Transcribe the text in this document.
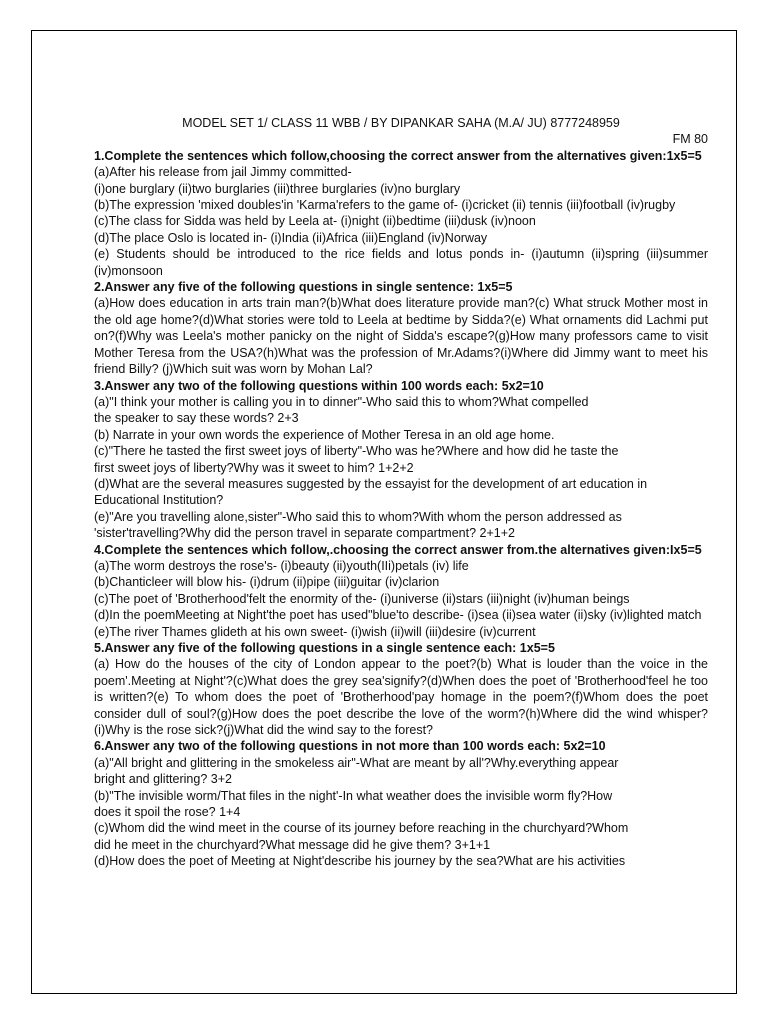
MODEL SET 1/ CLASS 11 WBB / BY DIPANKAR SAHA (M.A/ JU) 8777248959

FM 80

1.Complete the sentences which follow,choosing the correct answer from the alternatives given:1x5=5

(a)After his release from jail Jimmy committed-

(i)one burglary (ii)two burglaries (iii)three burglaries (iv)no burglary

(b)The expression 'mixed doubles'in 'Karma'refers to the game of- (i)cricket (ii) tennis (iii)football (iv)rugby

(c)The class for Sidda was held by Leela at- (i)night (ii)bedtime (iii)dusk (iv)noon

(d)The place Oslo is located in- (i)India (ii)Africa (iii)England (iv)Norway

(e) Students should be introduced to the rice fields and lotus ponds in- (i)autumn (ii)spring (iii)summer (iv)monsoon

2.Answer any five of the following questions in single sentence: 1x5=5

(a)How does education in arts train man?(b)What does literature provide man?(c) What struck Mother most in the old age home?(d)What stories were told to Leela at bedtime by Sidda?(e) What ornaments did Lachmi put on?(f)Why was Leela's mother panicky on the night of Sidda's escape?(g)How many professors came to visit Mother Teresa from the USA?(h)What was the profession of Mr.Adams?(i)Where did Jimmy want to meet his friend Billy? (j)Which suit was worn by Mohan Lal?

3.Answer any two of the following questions within 100 words each: 5x2=10

(a)"I think your mother is calling you in to dinner"-Who said this to whom?What compelled

the speaker to say these words? 2+3

(b) Narrate in your own words the experience of Mother Teresa in an old age home.

(c)"There he tasted the first sweet joys of liberty"-Who was he?Where and how did he taste the

first sweet joys of liberty?Why was it sweet to him? 1+2+2

(d)What are the several measures suggested by the essayist for the development of art education in

Educational Institution?

(e)"Are you travelling alone,sister"-Who said this to whom?With whom the person addressed as

'sister'travelling?Why did the person travel in separate compartment? 2+1+2

4.Complete the sentences which follow,.choosing the correct answer from.the alternatives given:Ix5=5

(a)The worm destroys the rose's- (i)beauty (ii)youth(IIi)petals (iv) life

(b)Chanticleer will blow his- (i)drum (ii)pipe (iii)guitar (iv)clarion

(c)The poet of 'Brotherhood'felt the enormity of the- (i)universe (ii)stars (iii)night (iv)human beings

(d)In the poemMeeting at Night'the poet has used"blue'to describe- (i)sea (ii)sea water (ii)sky (iv)lighted match

(e)The river Thames glideth at his own sweet- (i)wish (ii)will (iii)desire (iv)current

5.Answer any five of the following questions in a single sentence each: 1x5=5

(a) How do the houses of the city of London appear to the poet?(b) What is louder than the voice in the poem'.Meeting at Night'?(c)What does the grey sea'signify?(d)When does the poet of 'Brotherhood'feel he too is written?(e) To whom does the poet of 'Brotherhood'pay homage in the poem?(f)Whom does the poet consider dull of soul?(g)How does the poet describe the love of the worm?(h)Where did the wind whisper?(i)Why is the rose sick?(j)What did the wind say to the forest?

6.Answer any two of the following questions in not more than 100 words each: 5x2=10

(a)"All bright and glittering in the smokeless air"-What are meant by all'?Why.everything appear

bright and glittering? 3+2

(b)"The invisible worm/That files in the night'-In what weather does the invisible worm fly?How

does it spoil the rose? 1+4

(c)Whom did the wind meet in the course of its journey before reaching in the churchyard?Whom

did he meet in the churchyard?What message did he give them? 3+1+1

(d)How does the poet of Meeting at Night'describe his journey by the sea?What are his activities
